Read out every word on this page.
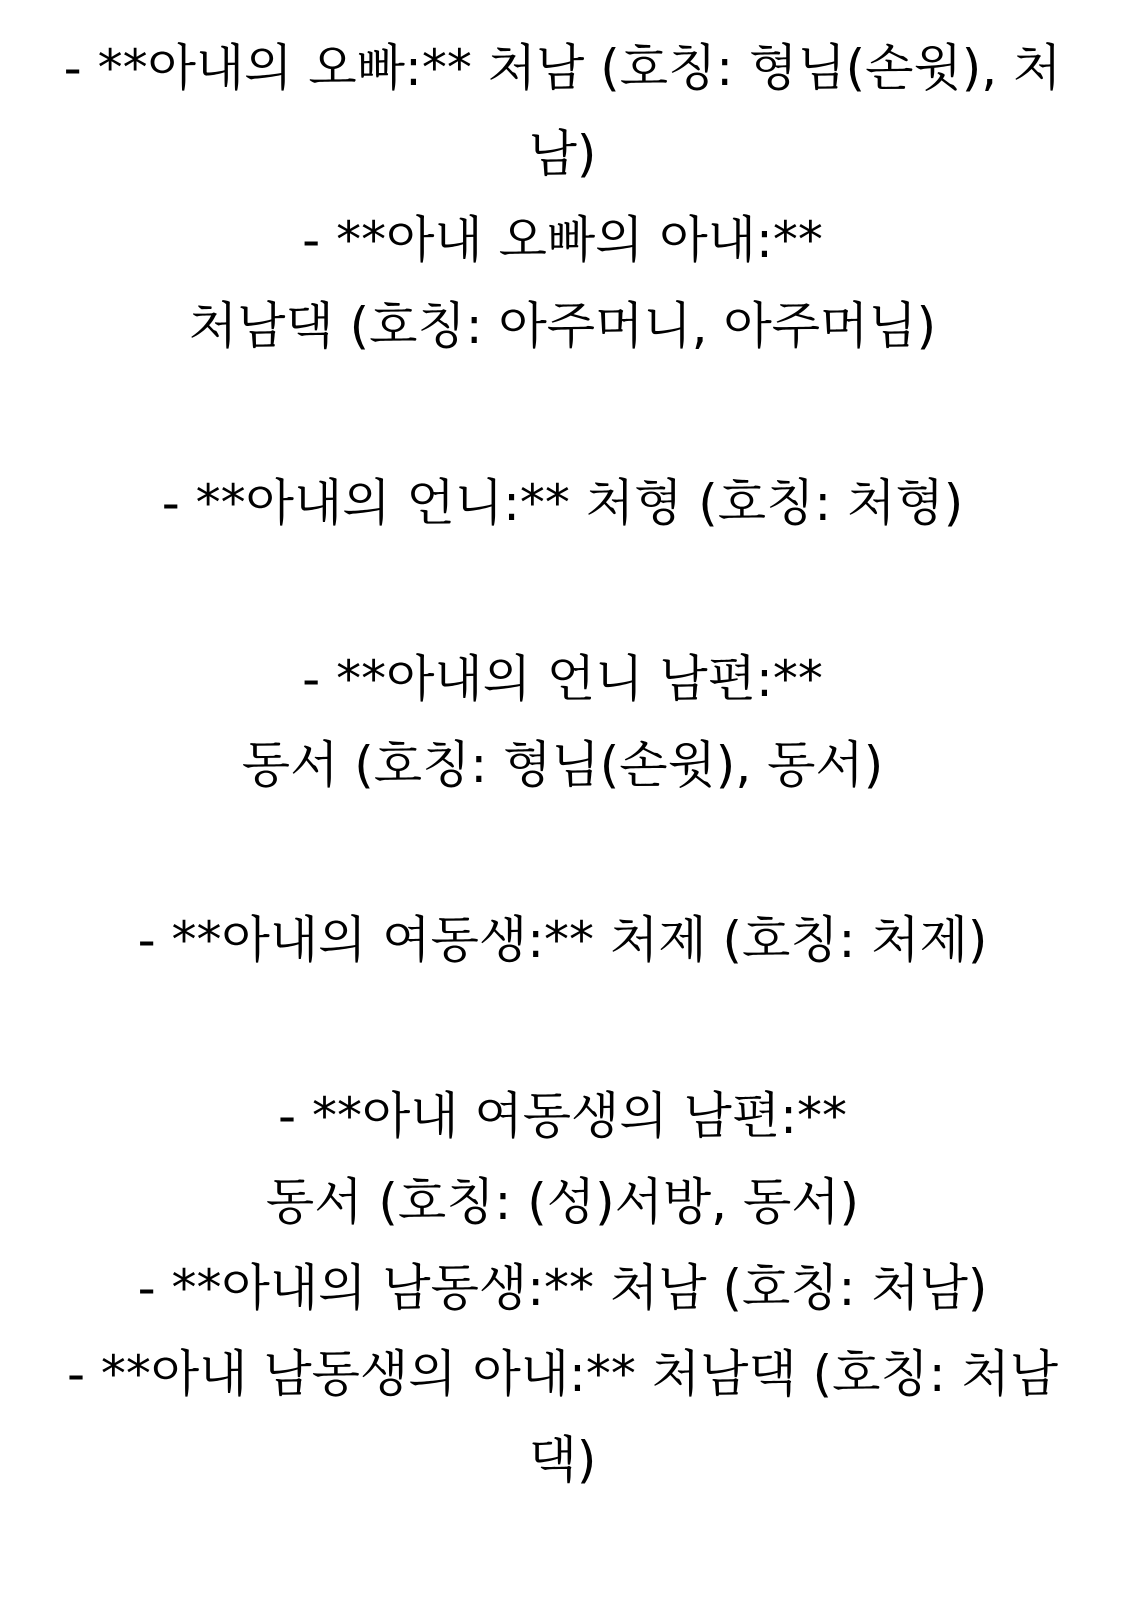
- **아내의 오빠:** 처남 (호칭: 형님(손윗), 처
남)
- **아내 오빠의 아내:**
처남댁 (호칭: 아주머니, 아주머님)
- **아내의 언니:** 처형 (호칭: 처형)
- **아내의 언니 남편:**
동서 (호칭: 형님(손윗), 동서)
- **아내의 여동생:** 처제 (호칭: 처제)
- **아내 여동생의 남편:**
동서 (호칭: (성)서방, 동서)
- **아내의 남동생:** 처남 (호칭: 처남)
- **아내 남동생의 아내:** 처남댁 (호칭: 처남
댁)
